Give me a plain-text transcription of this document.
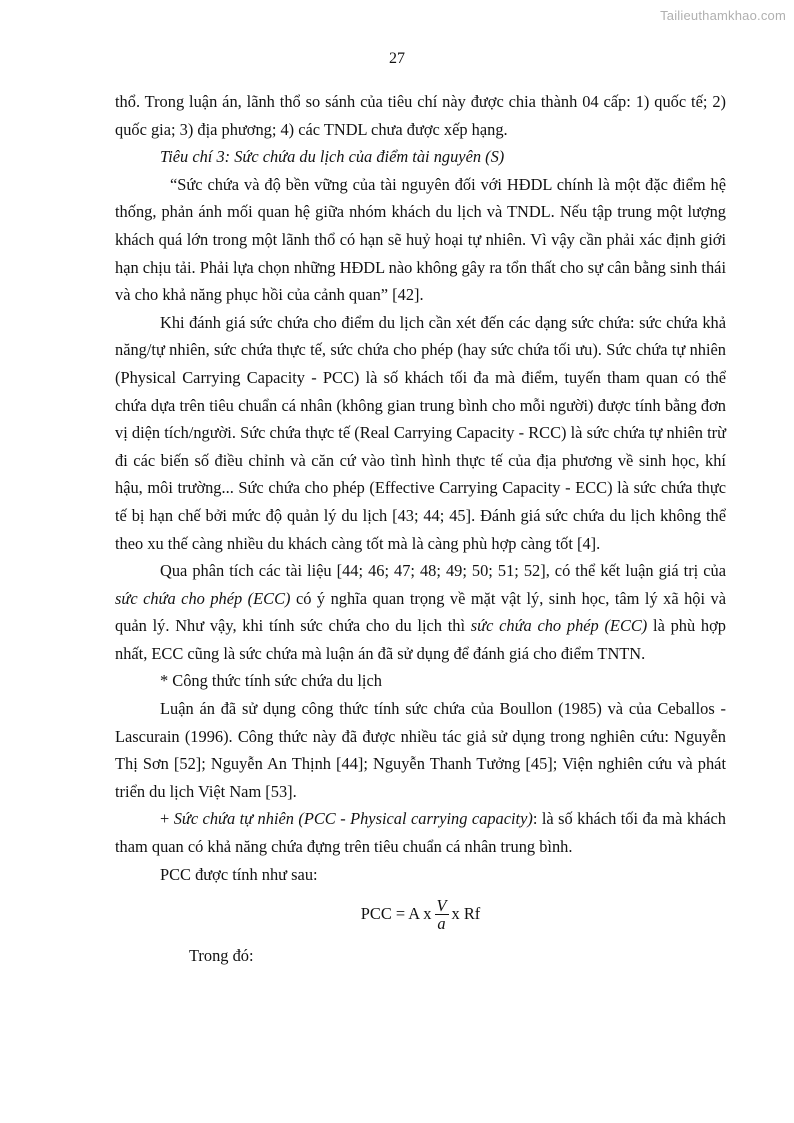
Tailieuthamkhao.com
27

thổ. Trong luận án, lãnh thổ so sánh của tiêu chí này được chia thành 04 cấp: 1) quốc tế; 2) quốc gia; 3) địa phương; 4) các TNDL chưa được xếp hạng.

Tiêu chí 3: Sức chứa du lịch của điểm tài nguyên (S)

“Sức chứa và độ bền vững của tài nguyên đối với HĐDL chính là một đặc điểm hệ thống, phản ánh mối quan hệ giữa nhóm khách du lịch và TNDL. Nếu tập trung một lượng khách quá lớn trong một lãnh thổ có hạn sẽ huỷ hoại tự nhiên. Vì vậy cần phải xác định giới hạn chịu tải. Phải lựa chọn những HĐDL nào không gây ra tổn thất cho sự cân bằng sinh thái và cho khả năng phục hồi của cảnh quan” [42].

Khi đánh giá sức chứa cho điểm du lịch cần xét đến các dạng sức chứa: sức chứa khả năng/tự nhiên, sức chứa thực tế, sức chứa cho phép (hay sức chứa tối ưu). Sức chứa tự nhiên (Physical Carrying Capacity - PCC) là số khách tối đa mà điểm, tuyến tham quan có thể chứa dựa trên tiêu chuẩn cá nhân (không gian trung bình cho mỗi người) được tính bằng đơn vị diện tích/người. Sức chứa thực tế (Real Carrying Capacity - RCC) là sức chứa tự nhiên trừ đi các biến số điều chỉnh và căn cứ vào tình hình thực tế của địa phương về sinh học, khí hậu, môi trường... Sức chứa cho phép (Effective Carrying Capacity - ECC) là sức chứa thực tế bị hạn chế bởi mức độ quản lý du lịch [43; 44; 45]. Đánh giá sức chứa du lịch không thể theo xu thế càng nhiều du khách càng tốt mà là càng phù hợp càng tốt [4].

Qua phân tích các tài liệu [44; 46; 47; 48; 49; 50; 51; 52], có thể kết luận giá trị của sức chứa cho phép (ECC) có ý nghĩa quan trọng về mặt vật lý, sinh học, tâm lý xã hội và quản lý. Như vậy, khi tính sức chứa cho du lịch thì sức chứa cho phép (ECC) là phù hợp nhất, ECC cũng là sức chứa mà luận án đã sử dụng để đánh giá cho điểm TNTN.

* Công thức tính sức chứa du lịch

Luận án đã sử dụng công thức tính sức chứa của Boullon (1985) và của Ceballos - Lascurain (1996). Công thức này đã được nhiều tác giả sử dụng trong nghiên cứu: Nguyễn Thị Sơn [52]; Nguyễn An Thịnh [44]; Nguyễn Thanh Tưởng [45]; Viện nghiên cứu và phát triển du lịch Việt Nam [53].

+ Sức chứa tự nhiên (PCC - Physical carrying capacity): là số khách tối đa mà khách tham quan có khả năng chứa đựng trên tiêu chuẩn cá nhân trung bình.

PCC được tính như sau:

PCC = A x $\frac{V}{a}$ x Rf

Trong đó:
